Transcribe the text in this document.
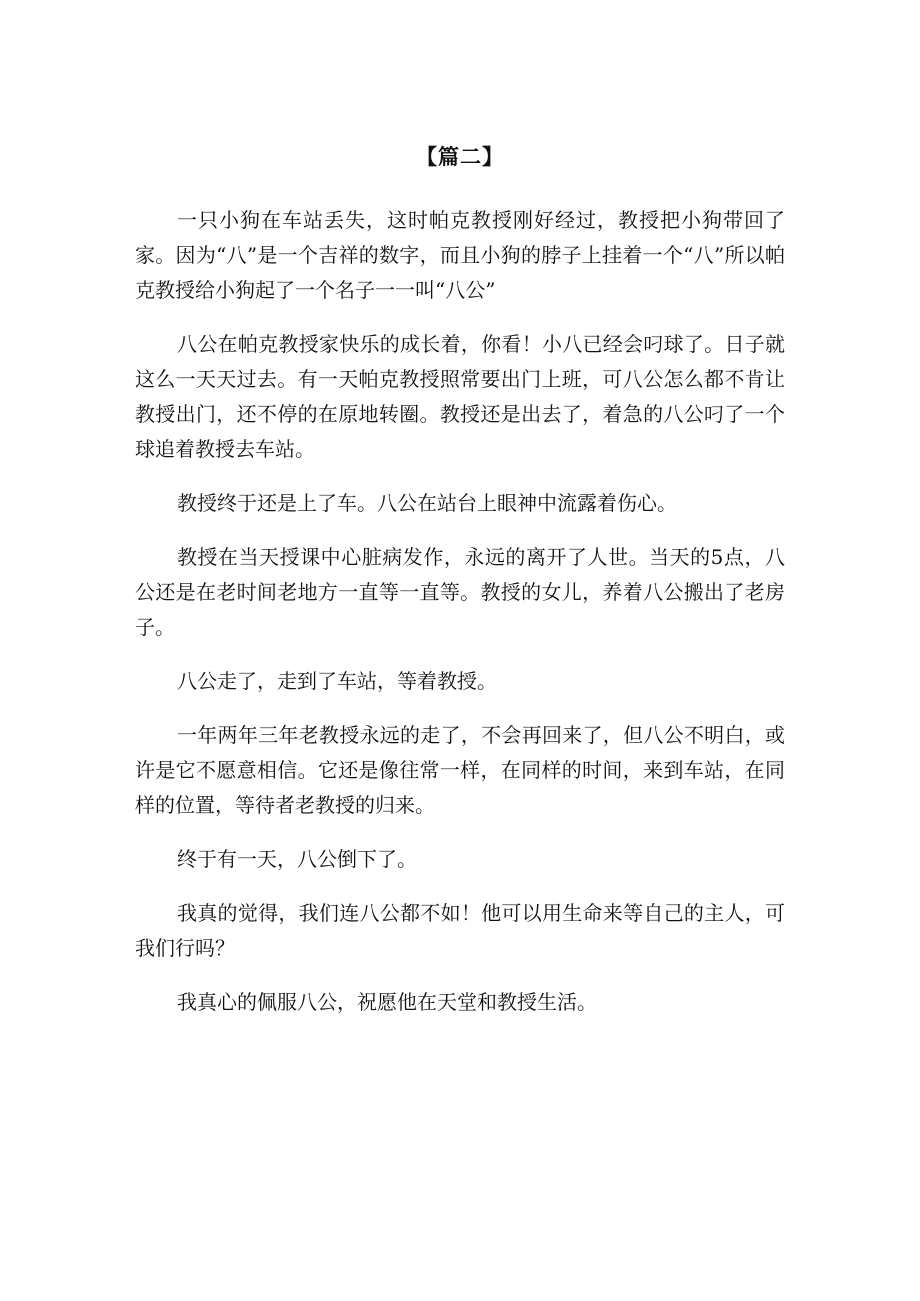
【篇二】

一只小狗在车站丢失，这时帕克教授刚好经过，教授把小狗带回了家。因为“八”是一个吉祥的数字，而且小狗的脖子上挂着一个“八”所以帕克教授给小狗起了一个名子一一叫“八公”

八公在帕克教授家快乐的成长着，你看！小八已经会叼球了。日子就这么一天天过去。有一天帕克教授照常要出门上班，可八公怎么都不肯让教授出门，还不停的在原地转圈。教授还是出去了，着急的八公叼了一个球追着教授去车站。

教授终于还是上了车。八公在站台上眼神中流露着伤心。

教授在当天授课中心脏病发作，永远的离开了人世。当天的5点，八公还是在老时间老地方一直等一直等。教授的女儿，养着八公搬出了老房子。

八公走了，走到了车站，等着教授。

一年两年三年老教授永远的走了，不会再回来了，但八公不明白，或许是它不愿意相信。它还是像往常一样，在同样的时间，来到车站，在同样的位置，等待者老教授的归来。

终于有一天，八公倒下了。

我真的觉得，我们连八公都不如！他可以用生命来等自己的主人，可我们行吗？

我真心的佩服八公，祝愿他在天堂和教授生活。
